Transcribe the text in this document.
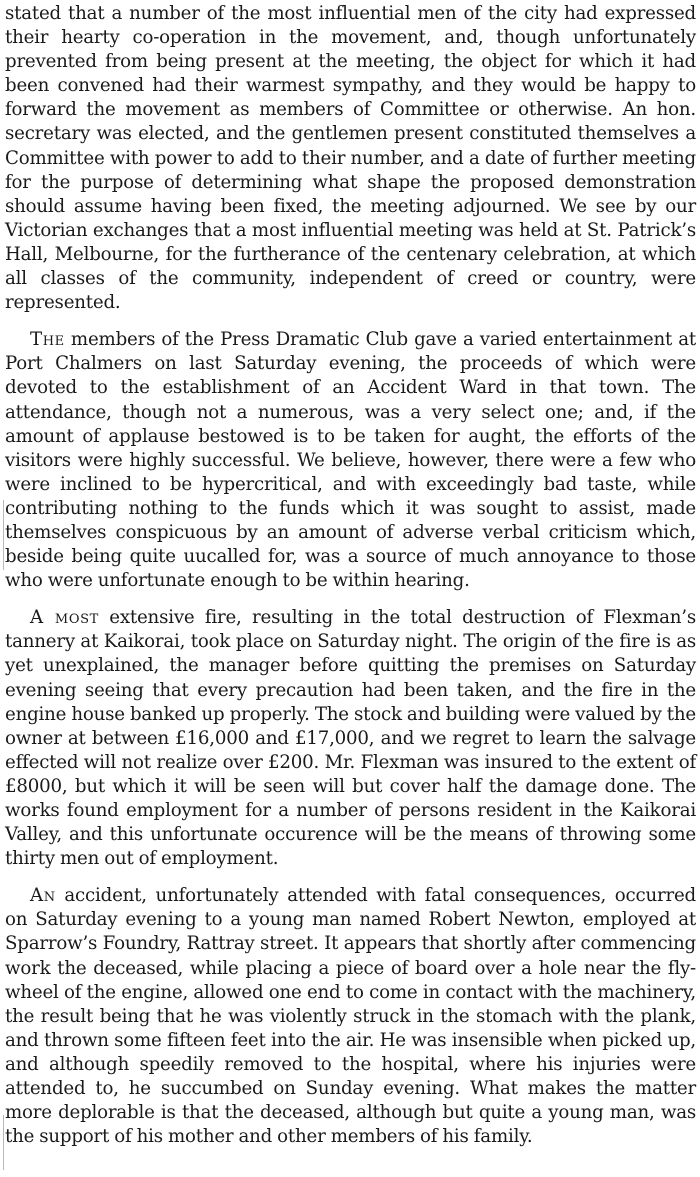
stated that a number of the most influential men of the city had expressed their hearty co-operation in the movement, and, though unfortunately prevented from being present at the meeting, the object for which it had been convened had their warmest sympathy, and they would be happy to forward the movement as members of Committee or otherwise. An hon. secretary was elected, and the gentlemen present constituted themselves a Committee with power to add to their number, and a date of further meeting for the purpose of determining what shape the proposed demonstration should assume having been fixed, the meeting adjourned. We see by our Victorian exchanges that a most influential meeting was held at St. Patrick’s Hall, Melbourne, for the furtherance of the centenary celebration, at which all classes of the community, independent of creed or country, were represented.

The members of the Press Dramatic Club gave a varied entertainment at Port Chalmers on last Saturday evening, the proceeds of which were devoted to the establishment of an Accident Ward in that town. The attendance, though not a numerous, was a very select one; and, if the amount of applause bestowed is to be taken for aught, the efforts of the visitors were highly successful. We believe, however, there were a few who were inclined to be hypercritical, and with exceedingly bad taste, while contributing nothing to the funds which it was sought to assist, made themselves conspicuous by an amount of adverse verbal criticism which, beside being quite uucalled for, was a source of much annoyance to those who were unfortunate enough to be within hearing.

A most extensive fire, resulting in the total destruction of Flexman’s tannery at Kaikorai, took place on Saturday night. The origin of the fire is as yet unexplained, the manager before quitting the premises on Saturday evening seeing that every precaution had been taken, and the fire in the engine house banked up properly. The stock and building were valued by the owner at between £16,000 and £17,000, and we regret to learn the salvage effected will not realize over £200. Mr. Flexman was insured to the extent of £8000, but which it will be seen will but cover half the damage done. The works found employment for a number of persons resident in the Kaikorai Valley, and this unfortunate occurence will be the means of throwing some thirty men out of employment.

An accident, unfortunately attended with fatal consequences, occurred on Saturday evening to a young man named Robert Newton, employed at Sparrow’s Foundry, Rattray street. It appears that shortly after commencing work the deceased, while placing a piece of board over a hole near the fly-wheel of the engine, allowed one end to come in contact with the machinery, the result being that he was violently struck in the stomach with the plank, and thrown some fifteen feet into the air. He was insensible when picked up, and although speedily removed to the hospital, where his injuries were attended to, he succumbed on Sunday evening. What makes the matter more deplorable is that the deceased, although but quite a young man, was the support of his mother and other members of his family.
